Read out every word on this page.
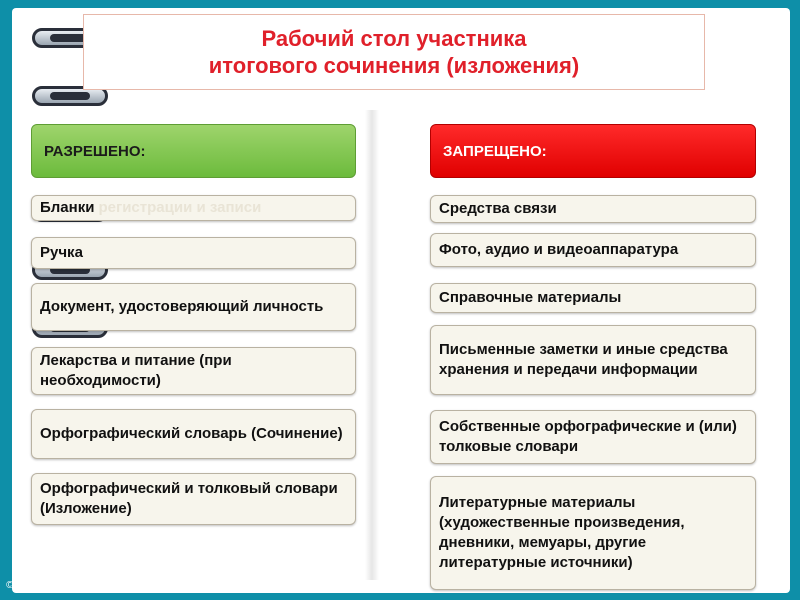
Рабочий стол участника
итогового сочинения (изложения)
РАЗРЕШЕНО:
Бланки регистрации и записи
Ручка
Документ, удостоверяющий личность
Лекарства и питание (при необходимости)
Орфографический словарь (Сочинение)
Орфографический и толковый словари (Изложение)
ЗАПРЕЩЕНО:
Средства связи
Фото, аудио и видеоаппаратура
Справочные материалы
Письменные заметки и иные средства хранения и передачи информации
Собственные орфографические и (или) толковые словари
Литературные материалы (художественные произведения, дневники, мемуары, другие литературные источники)
© Фокина Лидия Петровна
